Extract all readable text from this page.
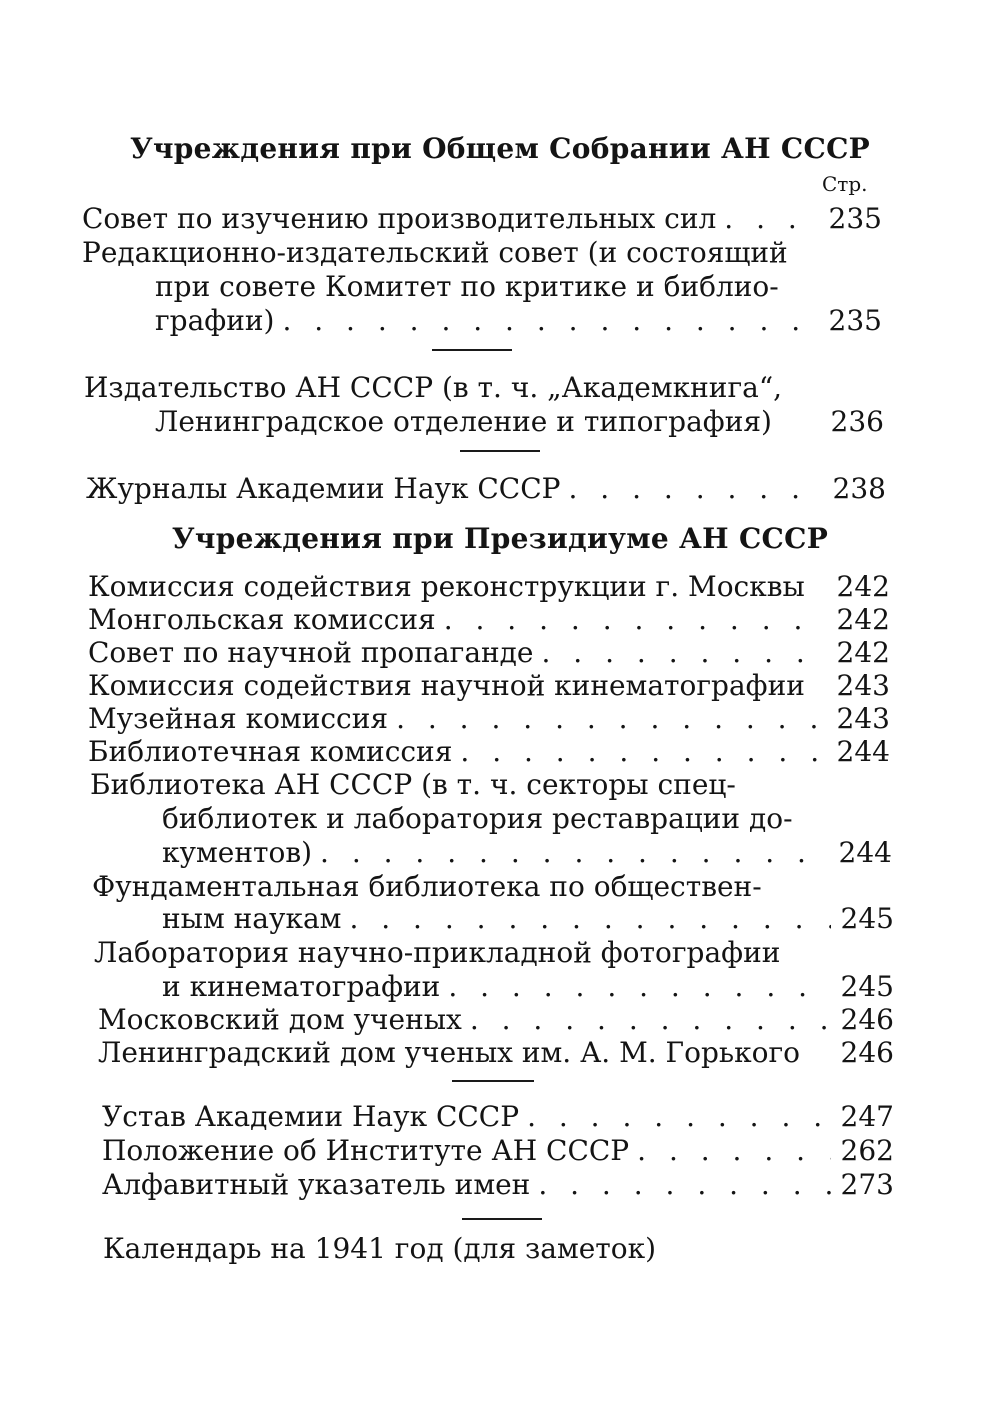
Учреждения при Общем Собрании АН СССР
Стр.
Совет по изучению производительных сил . . .	235
Редакционно-издательский совет (и состоящий
при совете Комитет по критике и библио-
графии) . . .	235
Издательство АН СССР (в т. ч. „Академкнига“,
Ленинградское отделение и типография) 236
Журналы Академии Наук СССР . . .	238
Учреждения при Президиуме АН СССР
Комиссия содействия реконструкции г. Москвы 242
Монгольская комиссия . . .	242
Совет по научной пропаганде . . .	242
Комиссия содействия научной кинематографии 243
Музейная комиссия . . .	243
Библиотечная комиссия . . .	244
Библиотека АН СССР (в т. ч. секторы спец-
библиотек и лаборатория реставрации до-
кументов) . . .	244
Фундаментальная библиотека по обществен-
ным наукам . . .	245
Лаборатория научно-прикладной фотографии
и кинематографии . . .	245
Московский дом ученых . . .	246
Ленинградский дом ученых им. А. М. Горького 246
Устав Академии Наук СССР . . .	247
Положение об Институте АН СССР . . .	262
Алфавитный указатель имен . . .	273
Календарь на 1941 год (для заметок)
